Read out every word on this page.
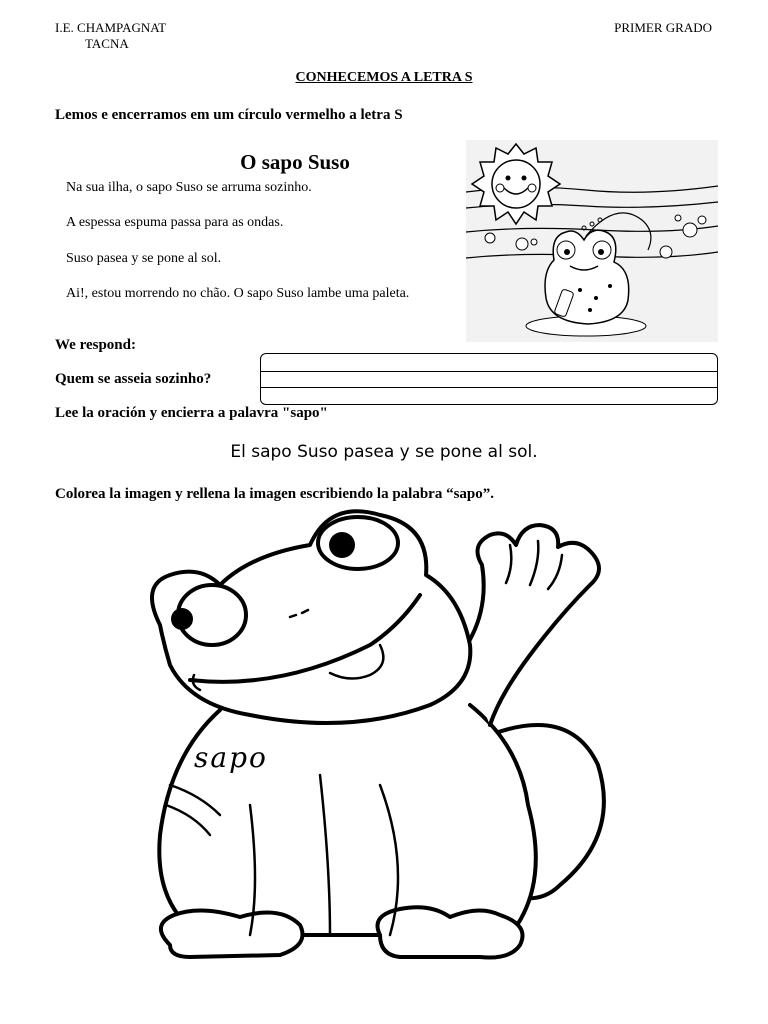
I.E. CHAMPAGNAT
TACNA
PRIMER GRADO
CONHECEMOS A LETRA S
Lemos e encerramos em um círculo vermelho a letra S
O sapo Suso

Na sua ilha, o sapo Suso se arruma sozinho.

A espessa espuma passa para as ondas.

Suso pasea y se pone al sol.

Ai!, estou morrendo no chão. O sapo Suso lambe uma paleta.

We respond:
Quem se asseia sozinho?
Lee la oración y encierra a palavra "sapo"
El sapo Suso pasea y se pone al sol.
Colorea la imagen y rellena la imagen escribiendo la palabra “sapo”.
sapo
